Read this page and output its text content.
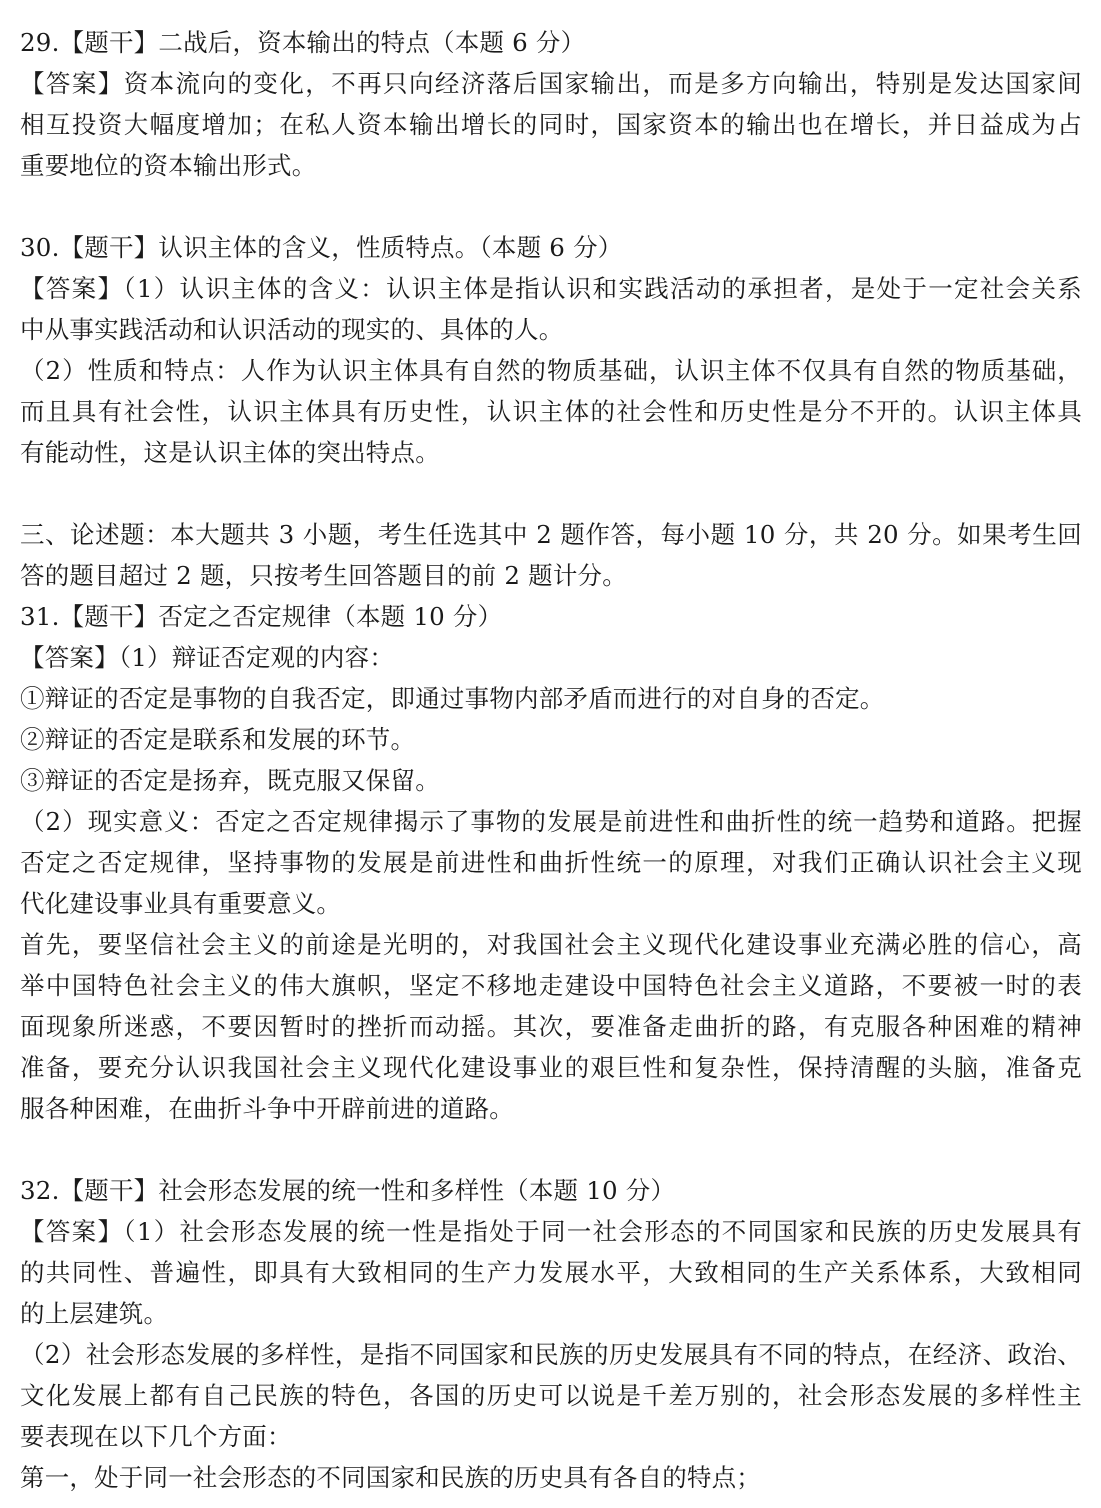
29.【题干】二战后，资本输出的特点（本题 6 分）
【答案】资本流向的变化，不再只向经济落后国家输出，而是多方向输出，特别是发达国家间
相互投资大幅度增加；在私人资本输出增长的同时，国家资本的输出也在增长，并日益成为占
重要地位的资本输出形式。
30.【题干】认识主体的含义，性质特点。（本题 6 分）
【答案】（1）认识主体的含义：认识主体是指认识和实践活动的承担者，是处于一定社会关系
中从事实践活动和认识活动的现实的、具体的人。
（2）性质和特点：人作为认识主体具有自然的物质基础，认识主体不仅具有自然的物质基础，
而且具有社会性，认识主体具有历史性，认识主体的社会性和历史性是分不开的。认识主体具
有能动性，这是认识主体的突出特点。
三、论述题：本大题共 3 小题，考生任选其中 2 题作答，每小题 10 分，共 20 分。如果考生回
答的题目超过 2 题，只按考生回答题目的前 2 题计分。
31.【题干】否定之否定规律（本题 10 分）
【答案】（1）辩证否定观的内容：
①辩证的否定是事物的自我否定，即通过事物内部矛盾而进行的对自身的否定。
②辩证的否定是联系和发展的环节。
③辩证的否定是扬弃，既克服又保留。
（2）现实意义：否定之否定规律揭示了事物的发展是前进性和曲折性的统一趋势和道路。把握
否定之否定规律，坚持事物的发展是前进性和曲折性统一的原理，对我们正确认识社会主义现
代化建设事业具有重要意义。
首先，要坚信社会主义的前途是光明的，对我国社会主义现代化建设事业充满必胜的信心，高
举中国特色社会主义的伟大旗帜，坚定不移地走建设中国特色社会主义道路，不要被一时的表
面现象所迷惑，不要因暂时的挫折而动摇。其次，要准备走曲折的路，有克服各种困难的精神
准备，要充分认识我国社会主义现代化建设事业的艰巨性和复杂性，保持清醒的头脑，准备克
服各种困难，在曲折斗争中开辟前进的道路。
32.【题干】社会形态发展的统一性和多样性（本题 10 分）
【答案】（1）社会形态发展的统一性是指处于同一社会形态的不同国家和民族的历史发展具有
的共同性、普遍性，即具有大致相同的生产力发展水平，大致相同的生产关系体系，大致相同
的上层建筑。
（2）社会形态发展的多样性，是指不同国家和民族的历史发展具有不同的特点，在经济、政治、
文化发展上都有自己民族的特色，各国的历史可以说是千差万别的，社会形态发展的多样性主
要表现在以下几个方面：
第一，处于同一社会形态的不同国家和民族的历史具有各自的特点；
